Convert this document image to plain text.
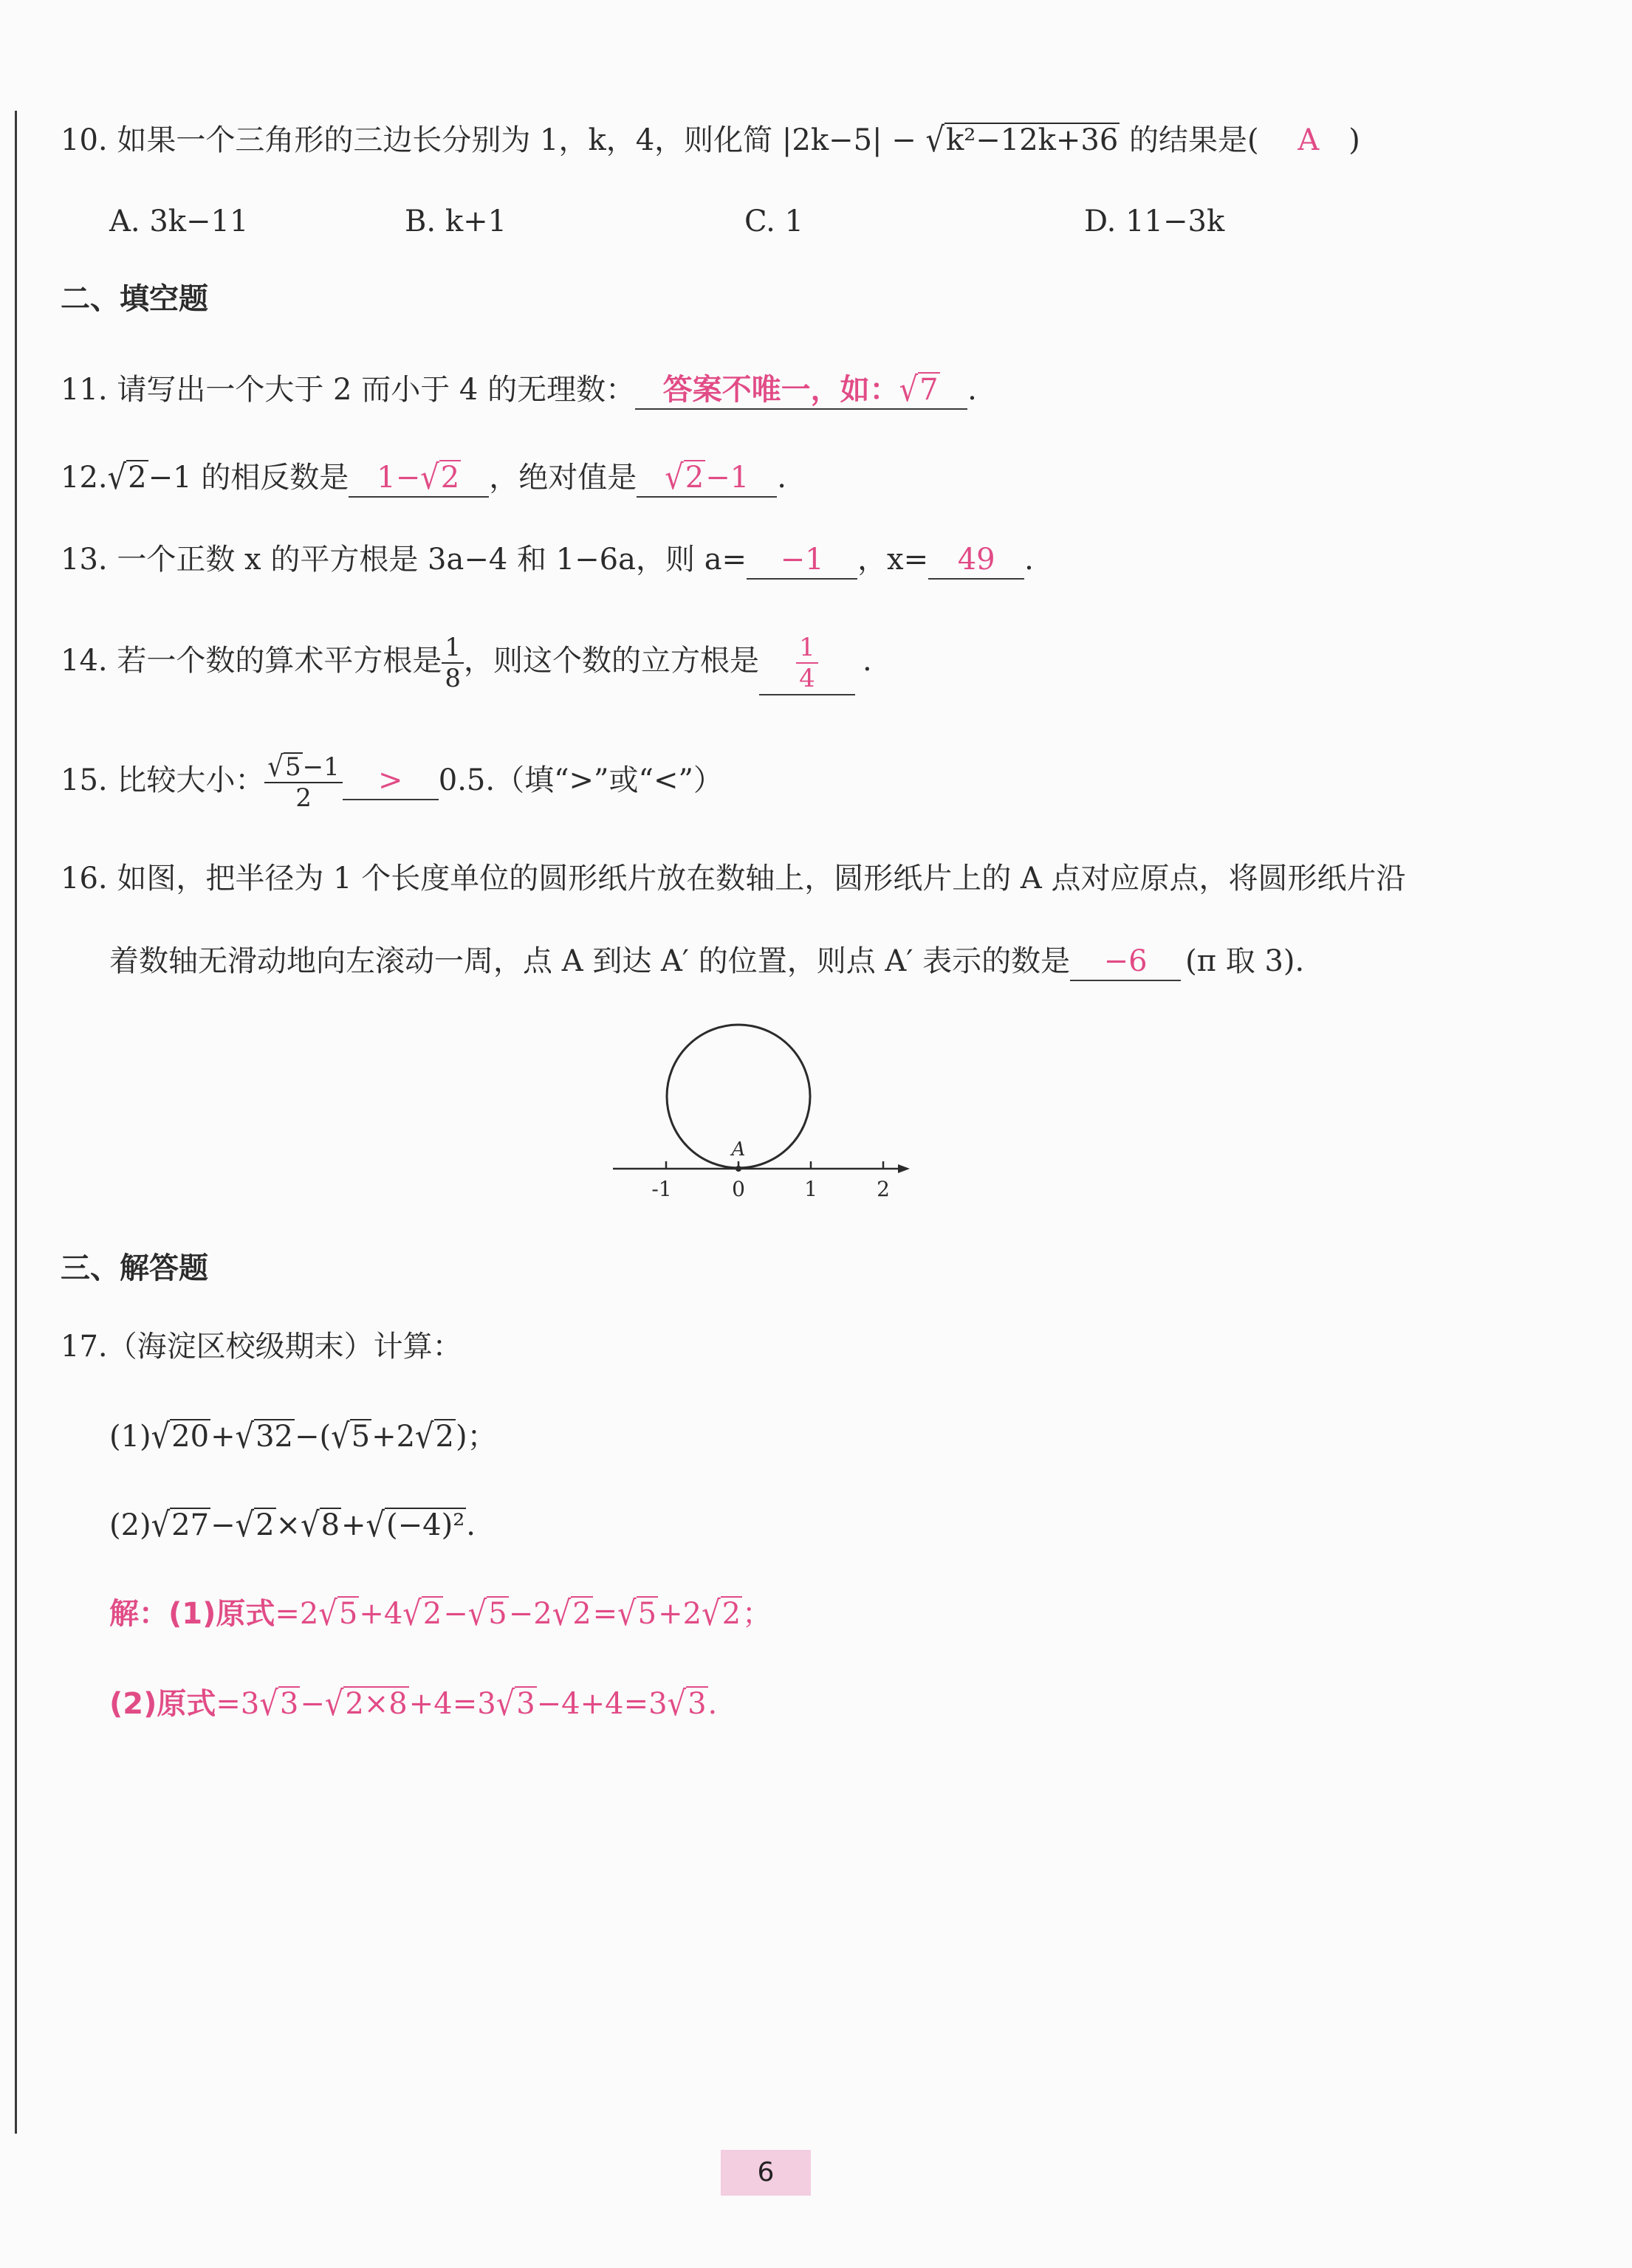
10. 如果一个三角形的三边长分别为 1，k，4，则化简 |2k−5| − √k²−12k+36 的结果是( A )
A. 3k−11	B. k+1	C. 1	D. 11−3k
二、填空题
11. 请写出一个大于 2 而小于 4 的无理数： 答案不唯一，如：√7 .
12.√2−1 的相反数是 1−√2 ，绝对值是 √2−1 .
13. 一个正数 x 的平方根是 3a−4 和 1−6a，则 a= −1 ，x= 49 .
14. 若一个数的算术平方根是 $\frac{1}{8}$ ，则这个数的立方根是 $\frac{1}{4}$ .
15. 比较大小： $\frac{√5-1}{2} > 0.5$.（填“>”或“<”）
16. 如图，把半径为 1 个长度单位的圆形纸片放在数轴上，圆形纸片上的 A 点对应原点，将圆形纸片沿
着数轴无滑动地向左滚动一周，点 A 到达 A′ 的位置，则点 A′ 表示的数是 −6 (π 取 3).
A
-1	0	1	2
三、解答题
17.（海淀区校级期末）计算：
(1)√20+√32−(√5+2√2)；
(2)√27−√2×√8+√(−4)².
解：(1)原式=2√5+4√2−√5−2√2=√5+2√2；
(2)原式=3√3−√2×8+4=3√3−4+4=3√3.
6
